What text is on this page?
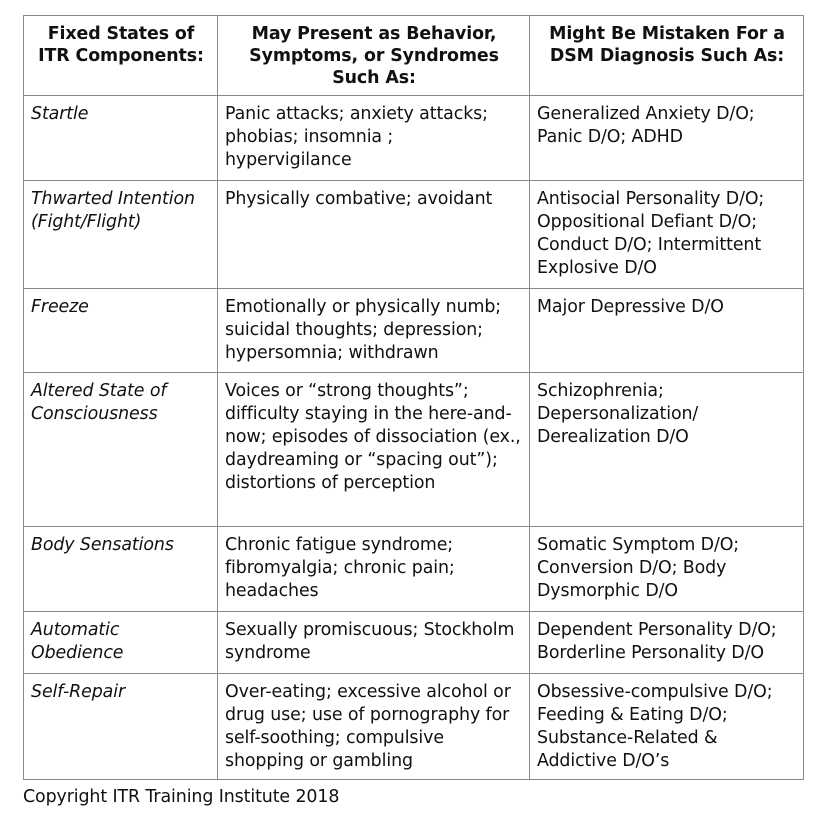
Fixed States of ITR Components:	May Present as Behavior, Symptoms, or Syndromes Such As:	Might Be Mistaken For a DSM Diagnosis Such As:
Startle	Panic attacks; anxiety attacks; phobias; insomnia ; hypervigilance	Generalized Anxiety D/O; Panic D/O; ADHD
Thwarted Intention (Fight/Flight)	Physically combative; avoidant	Antisocial Personality D/O; Oppositional Defiant D/O; Conduct D/O; Intermittent Explosive D/O
Freeze	Emotionally or physically numb; suicidal thoughts; depression; hypersomnia; withdrawn	Major Depressive D/O
Altered State of Consciousness	Voices or “strong thoughts”; difficulty staying in the here-and-now; episodes of dissociation (ex., daydreaming or “spacing out”); distortions of perception	Schizophrenia; Depersonalization/ Derealization D/O
Body Sensations	Chronic fatigue syndrome; fibromyalgia; chronic pain; headaches	Somatic Symptom D/O; Conversion D/O; Body Dysmorphic D/O
Automatic Obedience	Sexually promiscuous; Stockholm syndrome	Dependent Personality D/O; Borderline Personality D/O
Self-Repair	Over-eating; excessive alcohol or drug use; use of pornography for self-soothing; compulsive shopping or gambling	Obsessive-compulsive D/O; Feeding & Eating D/O; Substance-Related & Addictive D/O’s
Copyright ITR Training Institute 2018
